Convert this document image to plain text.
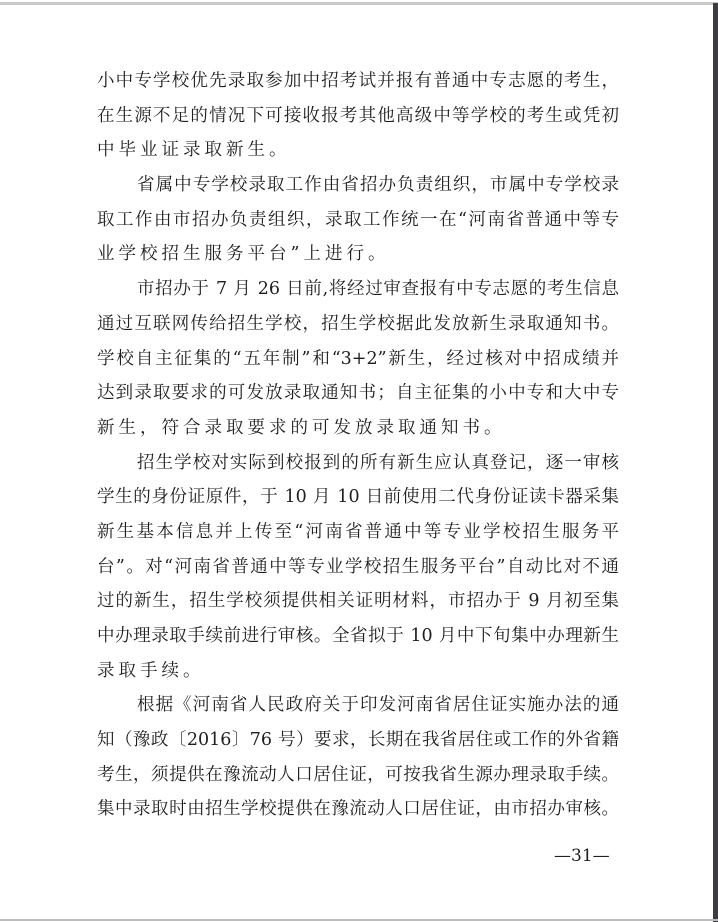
小中专学校优先录取参加中招考试并报有普通中专志愿的考生，
在生源不足的情况下可接收报考其他高级中等学校的考生或凭初
中毕业证录取新生。
省属中专学校录取工作由省招办负责组织，市属中专学校录
取工作由市招办负责组织，录取工作统一在“河南省普通中等专
业学校招生服务平台”上进行。
市招办于 7 月 26 日前,将经过审查报有中专志愿的考生信息
通过互联网传给招生学校，招生学校据此发放新生录取通知书。
学校自主征集的“五年制”和“3+2”新生，经过核对中招成绩并
达到录取要求的可发放录取通知书；自主征集的小中专和大中专
新生，符合录取要求的可发放录取通知书。
招生学校对实际到校报到的所有新生应认真登记，逐一审核
学生的身份证原件，于 10 月 10 日前使用二代身份证读卡器采集
新生基本信息并上传至“河南省普通中等专业学校招生服务平
台”。对“河南省普通中等专业学校招生服务平台”自动比对不通
过的新生，招生学校须提供相关证明材料，市招办于 9 月初至集
中办理录取手续前进行审核。全省拟于 10 月中下旬集中办理新生
录取手续。
根据《河南省人民政府关于印发河南省居住证实施办法的通
知（豫政〔2016〕76 号）要求，长期在我省居住或工作的外省籍
考生，须提供在豫流动人口居住证，可按我省生源办理录取手续。
集中录取时由招生学校提供在豫流动人口居住证，由市招办审核。
—31—
